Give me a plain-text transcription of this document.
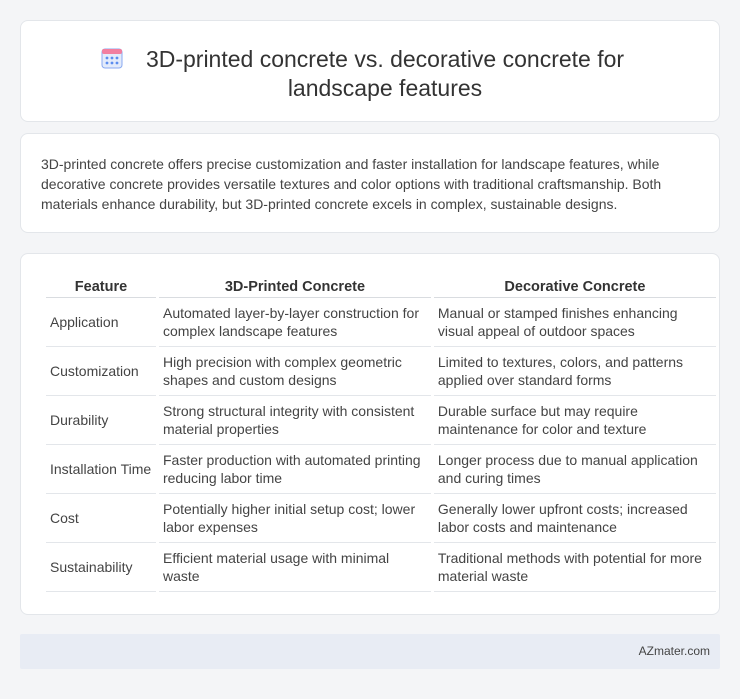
3D-printed concrete vs. decorative concrete for
landscape features

3D-printed concrete offers precise customization and faster installation for landscape features, while decorative concrete provides versatile textures and color options with traditional craftsmanship. Both materials enhance durability, but 3D-printed concrete excels in complex, sustainable designs.

Feature	3D-Printed Concrete	Decorative Concrete
Application	Automated layer-by-layer construction for complex landscape features	Manual or stamped finishes enhancing visual appeal of outdoor spaces
Customization	High precision with complex geometric shapes and custom designs	Limited to textures, colors, and patterns applied over standard forms
Durability	Strong structural integrity with consistent material properties	Durable surface but may require maintenance for color and texture
Installation Time	Faster production with automated printing reducing labor time	Longer process due to manual application and curing times
Cost	Potentially higher initial setup cost; lower labor expenses	Generally lower upfront costs; increased labor costs and maintenance
Sustainability	Efficient material usage with minimal waste	Traditional methods with potential for more material waste
AZmater.com
